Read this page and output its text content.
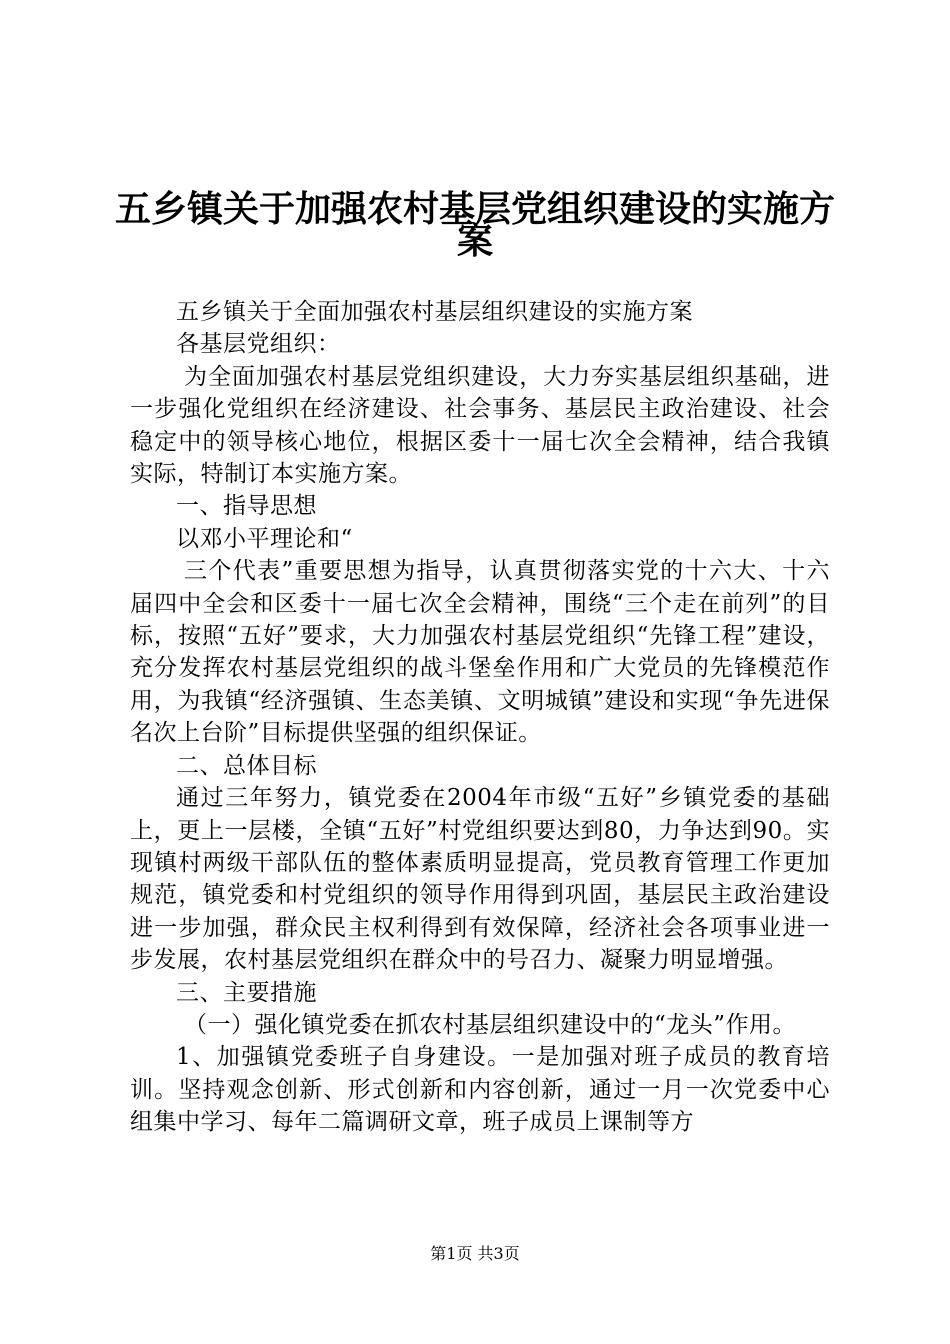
五乡镇关于加强农村基层党组织建设的实施方
案

五乡镇关于全面加强农村基层组织建设的实施方案

各基层党组织：

为全面加强农村基层党组织建设，大力夯实基层组织基础，进一步强化党组织在经济建设、社会事务、基层民主政治建设、社会稳定中的领导核心地位，根据区委十一届七次全会精神，结合我镇实际，特制订本实施方案。

一、指导思想

以邓小平理论和“

三个代表”重要思想为指导，认真贯彻落实党的十六大、十六届四中全会和区委十一届七次全会精神，围绕“三个走在前列”的目标，按照“五好”要求，大力加强农村基层党组织“先锋工程”建设，充分发挥农村基层党组织的战斗堡垒作用和广大党员的先锋模范作用，为我镇“经济强镇、生态美镇、文明城镇”建设和实现“争先进保名次上台阶”目标提供坚强的组织保证。

二、总体目标

通过三年努力，镇党委在2004年市级“五好”乡镇党委的基础上，更上一层楼，全镇“五好”村党组织要达到80，力争达到90。实现镇村两级干部队伍的整体素质明显提高，党员教育管理工作更加规范，镇党委和村党组织的领导作用得到巩固，基层民主政治建设进一步加强，群众民主权利得到有效保障，经济社会各项事业进一步发展，农村基层党组织在群众中的号召力、凝聚力明显增强。

三、主要措施

（一）强化镇党委在抓农村基层组织建设中的“龙头”作用。

1、加强镇党委班子自身建设。一是加强对班子成员的教育培训。坚持观念创新、形式创新和内容创新，通过一月一次党委中心组集中学习、每年二篇调研文章，班子成员上课制等方

第1页 共3页
